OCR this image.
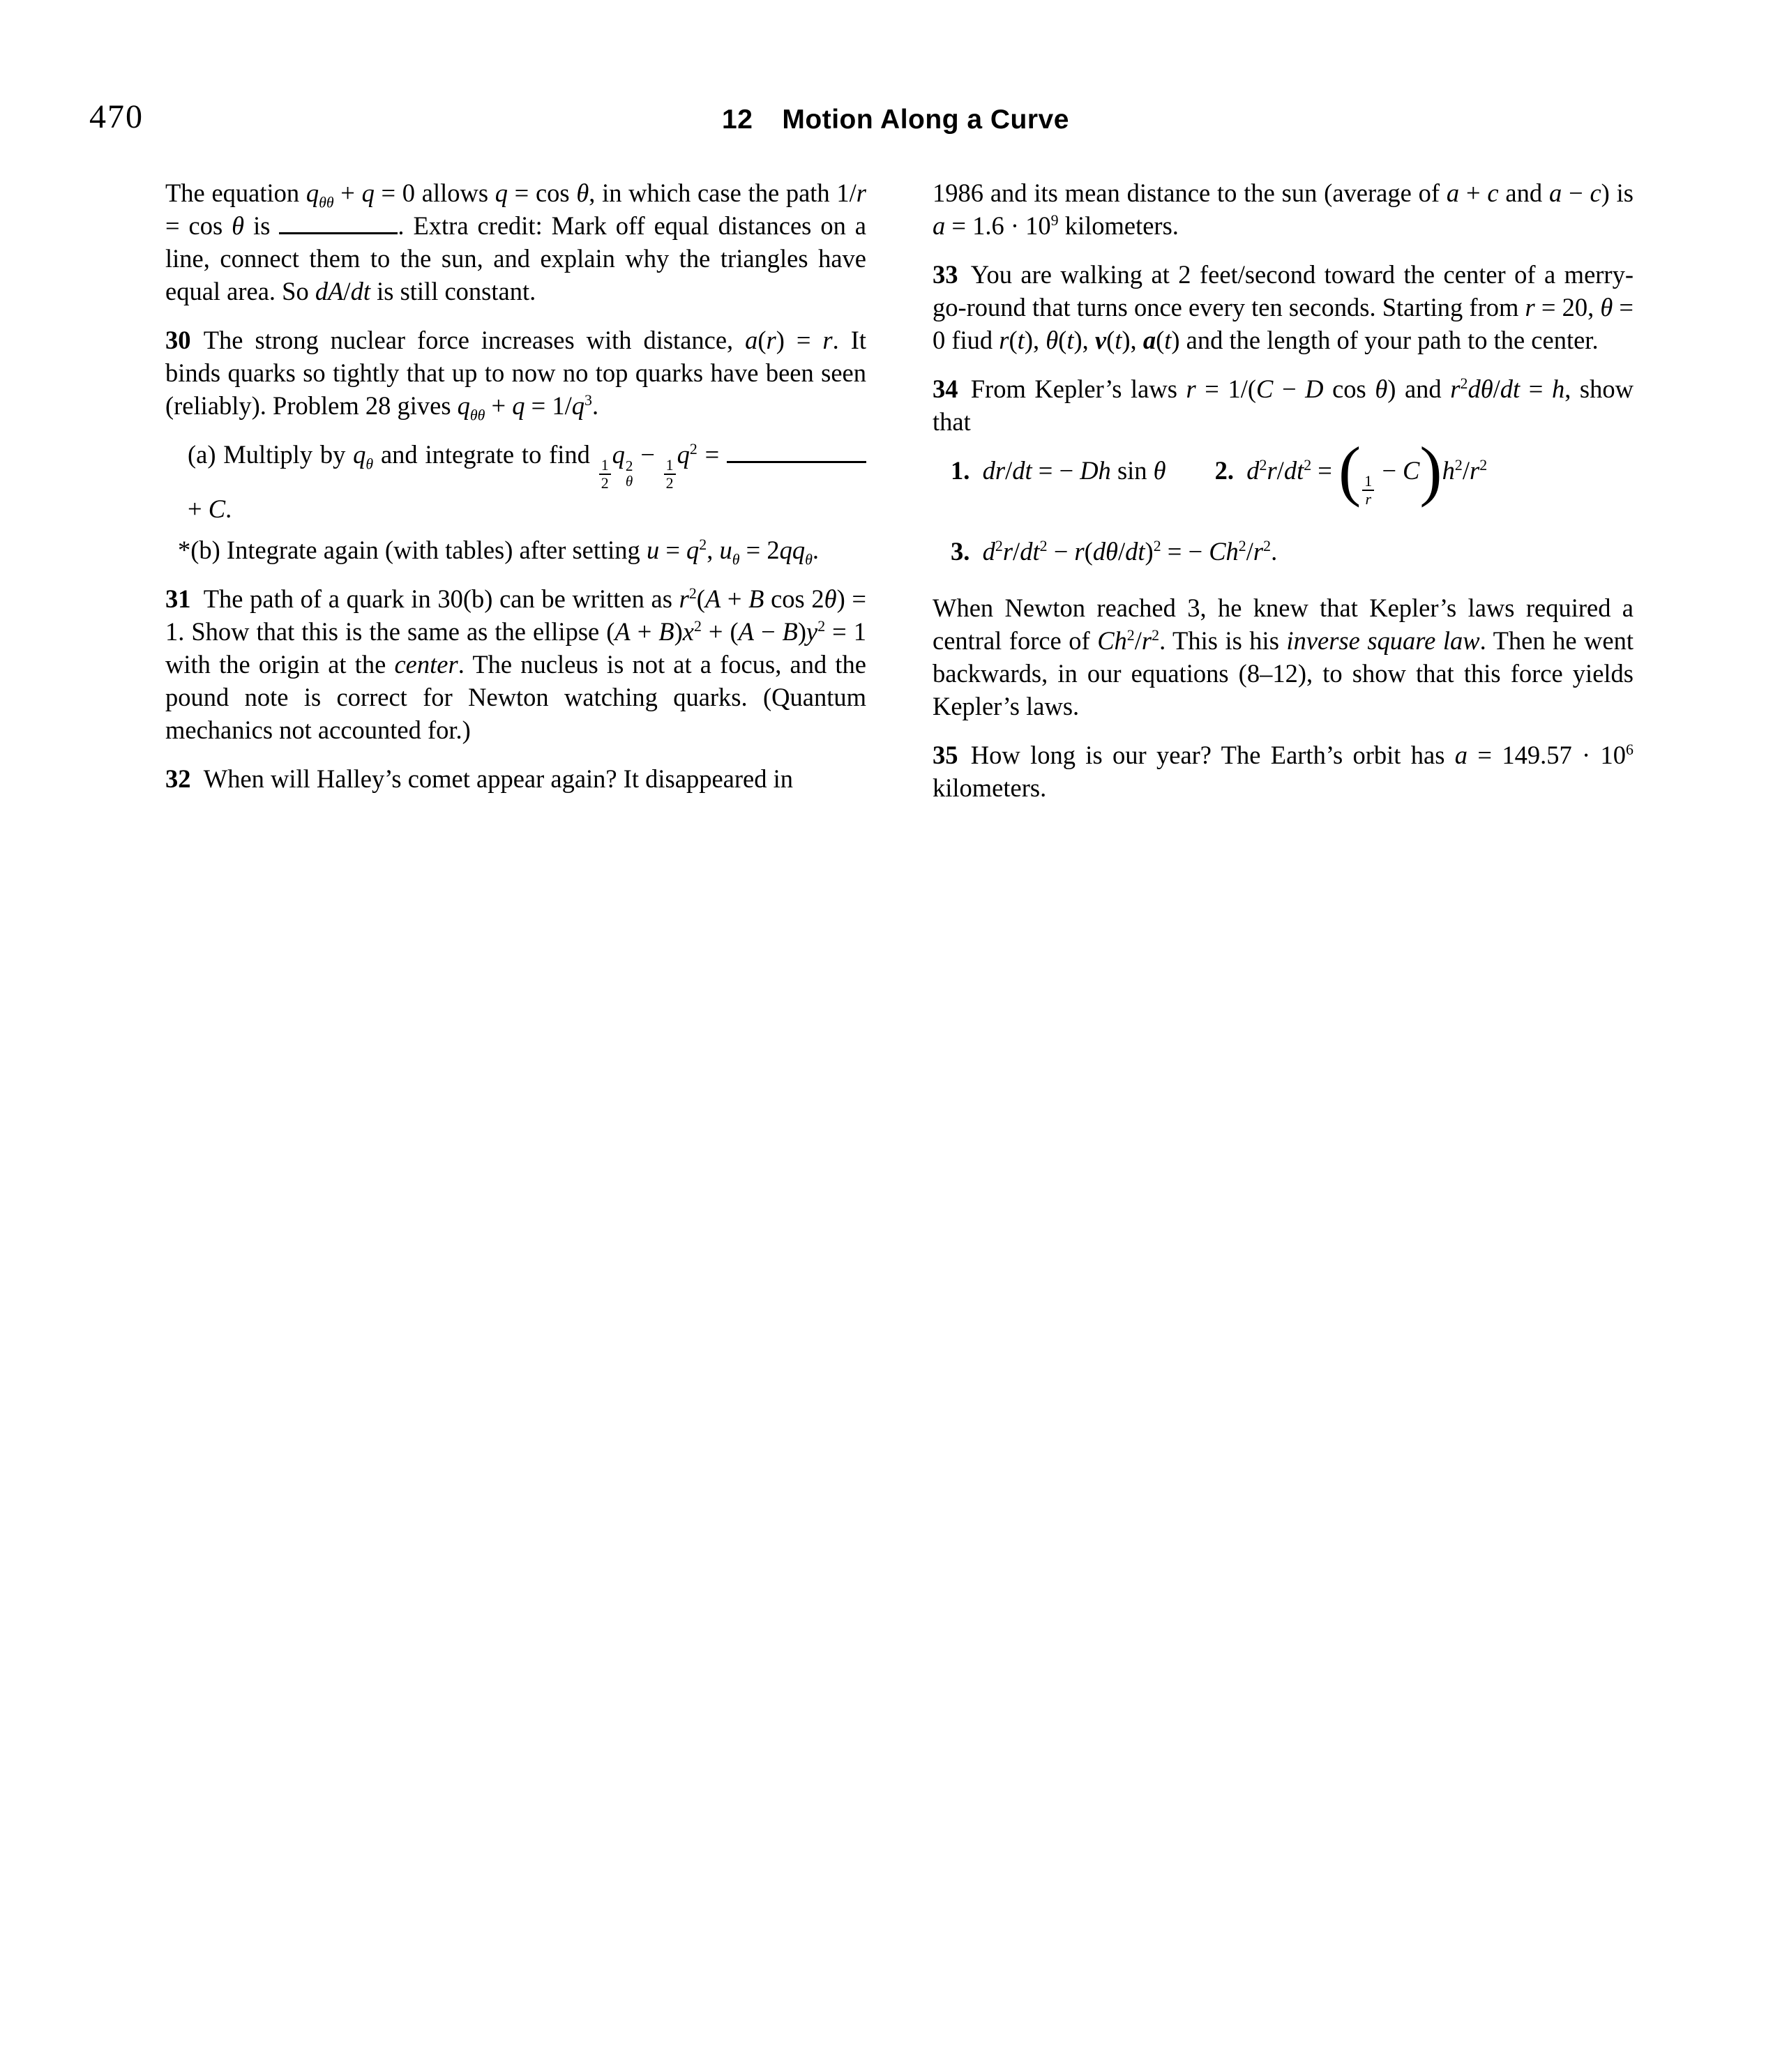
470	12 Motion Along a Curve

The equation $q_{\theta\theta} + q = 0$ allows q = cos θ, in which case the path 1/r = cos θ is	. Extra credit: Mark off equal distances on a line, connect them to the sun, and explain why the triangles have equal area. So dA/dt is still constant.

30 The strong nuclear force increases with distance, a(r) = r. It binds quarks so tightly that up to now no top quarks have been seen (reliably). Problem 28 gives $q_{\theta\theta} + q = 1/q^3$.

(a) Multiply by $q_\theta$ and integrate to find
$\frac{1}{2}$
q 2
θ
−
$\frac{1}{2}$
$q^2$ =  + C.

*(b) Integrate again (with tables) after setting $u = q^2$, $u_\theta = 2qq_\theta$.

31 The path of a quark in 30(b) can be written as $r^2(A + B$ cos 2θ) = 1. Show that this is the same as the ellipse $(A + B)x^2 + (A - B)y^2 = 1$ with the origin at the center. The nucleus is not at a focus, and the pound note is correct for Newton watching quarks. (Quantum mechanics not accounted for.)

32 When will Halley’s comet appear again? It disappeared in

1986 and its mean distance to the sun (average of a + c and a − c) is $a = 1.6 \cdot 10^9$ kilometers.

33 You are walking at 2 feet/second toward the center of a merry-go-round that turns once every ten seconds. Starting from r = 20, θ = 0 fiud r(t), θ(t), v(t), a(t) and the length of your path to the center.

34 From Kepler’s laws r = 1/(C − D cos θ) and $r^2d\theta/dt = h$, show that

1.  dr/dt = − Dh sin θ 2.  $d^2r/dt^2$ = ( $\frac{1}{r}$
− $C)h^2/r^2$

3.  $d^2r/dt^2 - r(d\theta/dt)^2$ = − $Ch^2/r^2$.

When Newton reached 3, he knew that Kepler’s laws required a central force of $Ch^2/r^2$. This is his inverse square law. Then he went backwards, in our equations (8–12), to show that this force yields Kepler’s laws.

35 How long is our year? The Earth’s orbit has $a = 149.57 \cdot 10^6$ kilometers.
